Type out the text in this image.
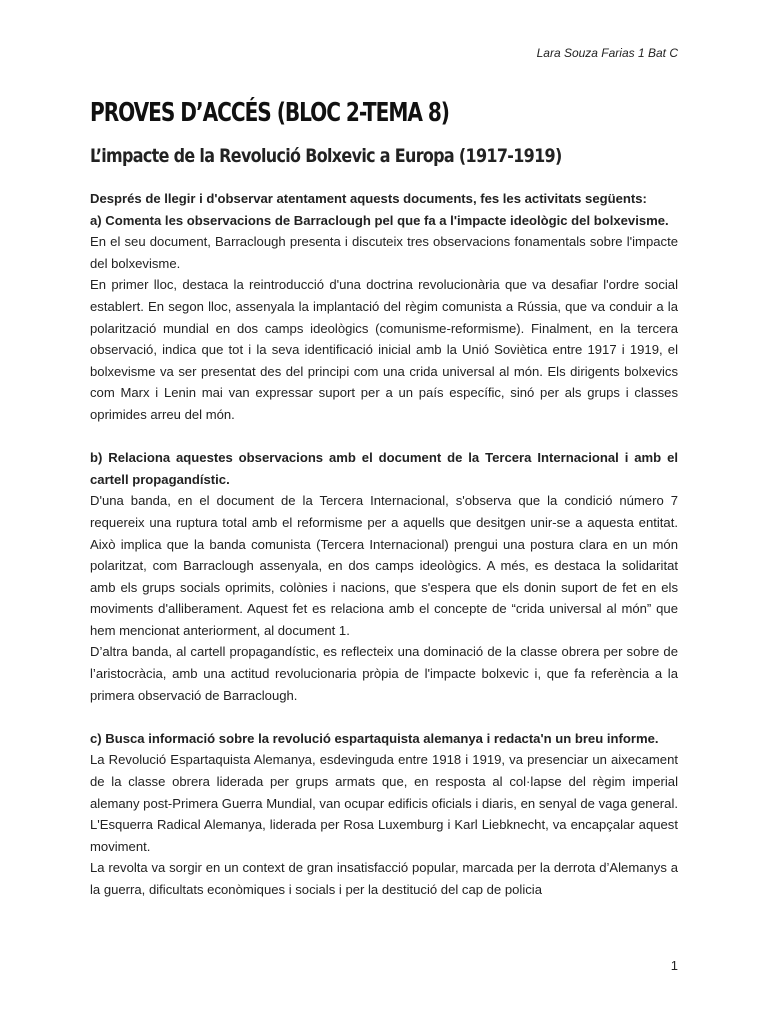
Lara Souza Farias 1 Bat C
PROVES D’ACCÉS (BLOC 2-TEMA 8)
L’impacte de la Revolució Bolxevic a Europa (1917-1919)

Després de llegir i d'observar atentament aquests documents, fes les activitats següents:

a) Comenta les observacions de Barraclough pel que fa a l'impacte ideològic del bolxevisme.

En el seu document, Barraclough presenta i discuteix tres observacions fonamentals sobre l'impacte del bolxevisme.

En primer lloc, destaca la reintroducció d'una doctrina revolucionària que va desafiar l'ordre social establert. En segon lloc, assenyala la implantació del règim comunista a Rússia, que va conduir a la polarització mundial en dos camps ideològics (comunisme-reformisme). Finalment, en la tercera observació, indica que tot i la seva identificació inicial amb la Unió Soviètica entre 1917 i 1919, el bolxevisme va ser presentat des del principi com una crida universal al món. Els dirigents bolxevics com Marx i Lenin mai van expressar suport per a un país específic, sinó per als grups i classes oprimides arreu del món.

b) Relaciona aquestes observacions amb el document de la Tercera Internacional i amb el cartell propagandístic.

D'una banda, en el document de la Tercera Internacional, s'observa que la condició número 7 requereix una ruptura total amb el reformisme per a aquells que desitgen unir-se a aquesta entitat. Això implica que la banda comunista (Tercera Internacional) prengui una postura clara en un món polaritzat, com Barraclough assenyala, en dos camps ideològics. A més, es destaca la solidaritat amb els grups socials oprimits, colònies i nacions, que s'espera que els donin suport de fet en els moviments d'alliberament. Aquest fet es relaciona amb el concepte de “crida universal al món” que hem mencionat anteriorment, al document 1.

D’altra banda, al cartell propagandístic, es reflecteix una dominació de la classe obrera per sobre de l’aristocràcia, amb una actitud revolucionaria pròpia de l'impacte bolxevic i, que fa referència a la primera observació de Barraclough.

c) Busca informació sobre la revolució espartaquista alemanya i redacta'n un breu informe.

La Revolució Espartaquista Alemanya, esdevinguda entre 1918 i 1919, va presenciar un aixecament de la classe obrera liderada per grups armats que, en resposta al col·lapse del règim imperial alemany post-Primera Guerra Mundial, van ocupar edificis oficials i diaris, en senyal de vaga general. L'Esquerra Radical Alemanya, liderada per Rosa Luxemburg i Karl Liebknecht, va encapçalar aquest moviment.

La revolta va sorgir en un context de gran insatisfacció popular, marcada per la derrota d’Alemanys a la guerra, dificultats econòmiques i socials i per la destitució del cap de policia

1
